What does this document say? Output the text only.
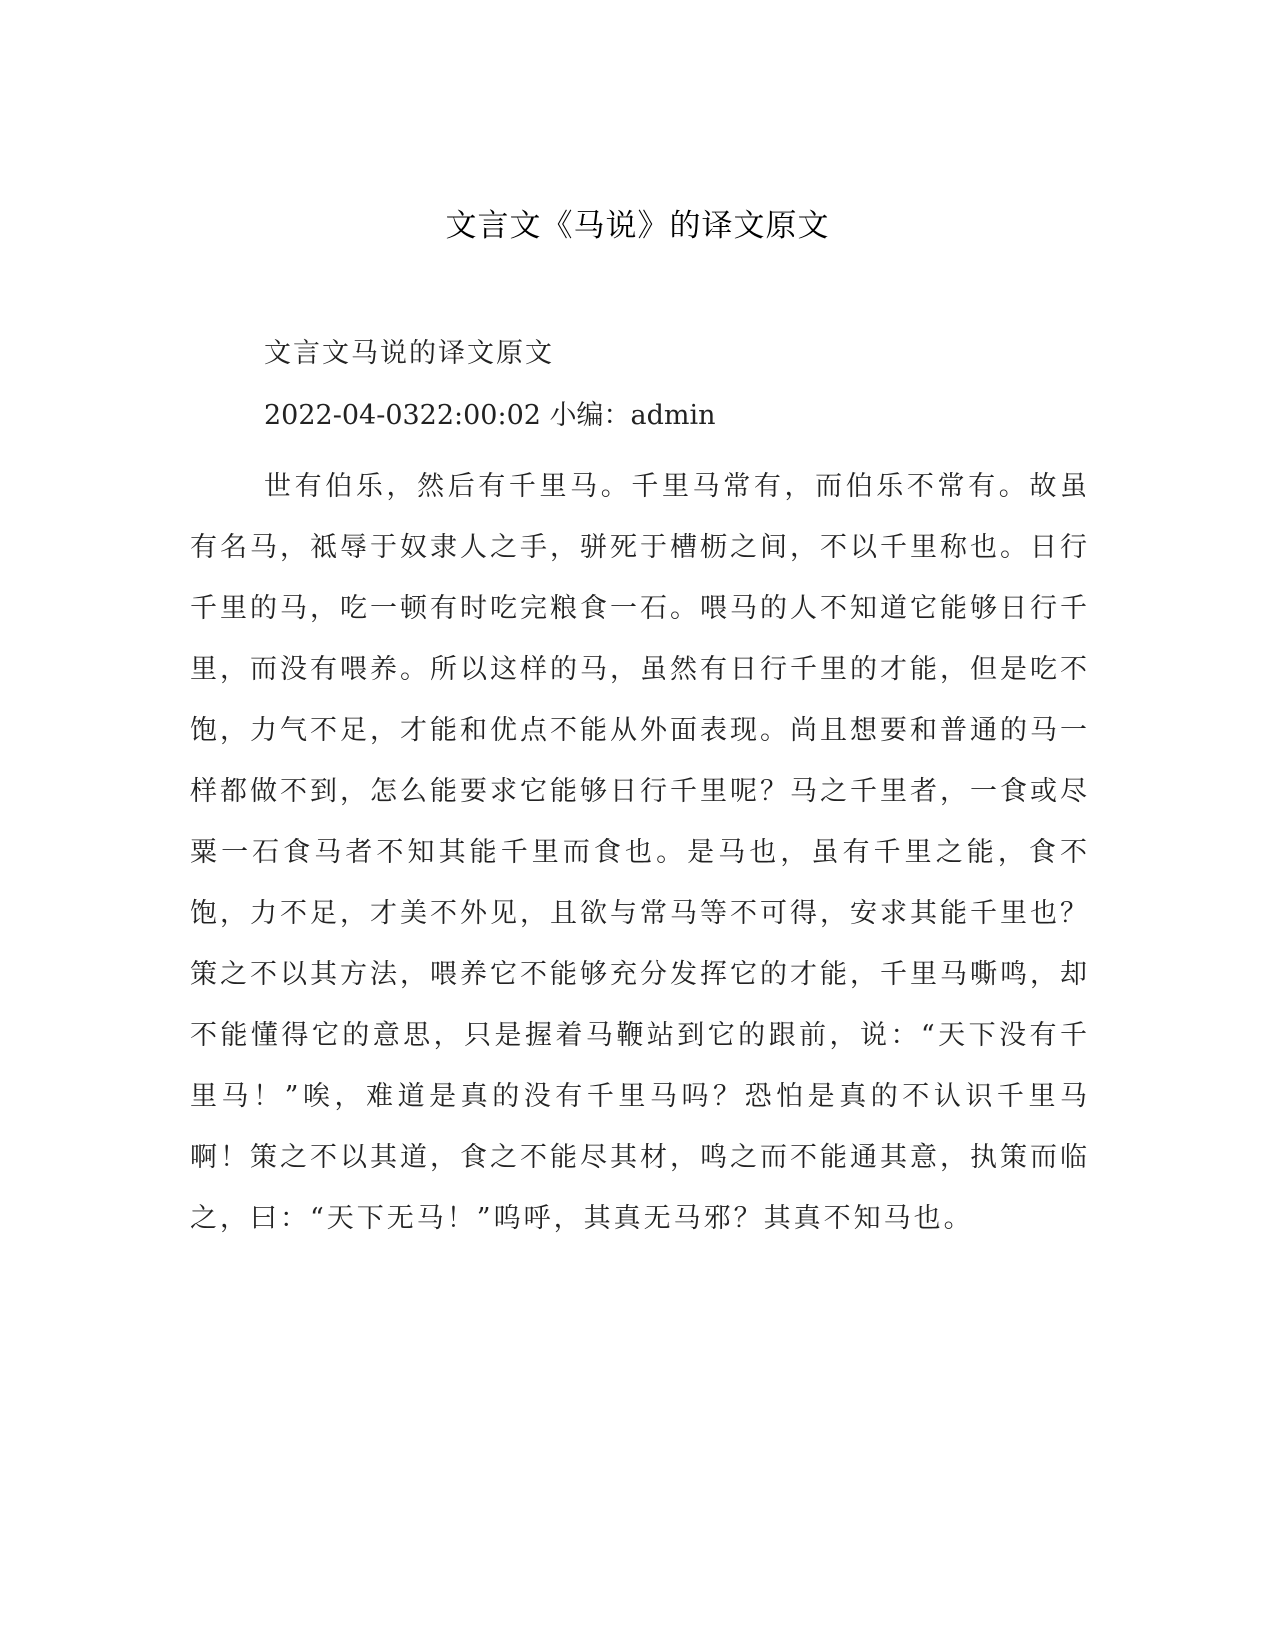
文言文《马说》的译文原文
文言文马说的译文原文
2022-04-0322:00:02 小编：admin

世有伯乐，然后有千里马。千里马常有，而伯乐不常有。故虽有名马，祗辱于奴隶人之手，骈死于槽枥之间，不以千里称也。日行千里的马，吃一顿有时吃完粮食一石。喂马的人不知道它能够日行千里，而没有喂养。所以这样的马，虽然有日行千里的才能，但是吃不饱，力气不足，才能和优点不能从外面表现。尚且想要和普通的马一样都做不到，怎么能要求它能够日行千里呢？马之千里者，一食或尽粟一石食马者不知其能千里而食也。是马也，虽有千里之能，食不饱，力不足，才美不外见，且欲与常马等不可得，安求其能千里也？策之不以其方法，喂养它不能够充分发挥它的才能，千里马嘶鸣，却不能懂得它的意思，只是握着马鞭站到它的跟前，说：“天下没有千里马！”唉，难道是真的没有千里马吗？恐怕是真的不认识千里马啊！策之不以其道，食之不能尽其材，鸣之而不能通其意，执策而临之，曰：“天下无马！”呜呼，其真无马邪？其真不知马也。
